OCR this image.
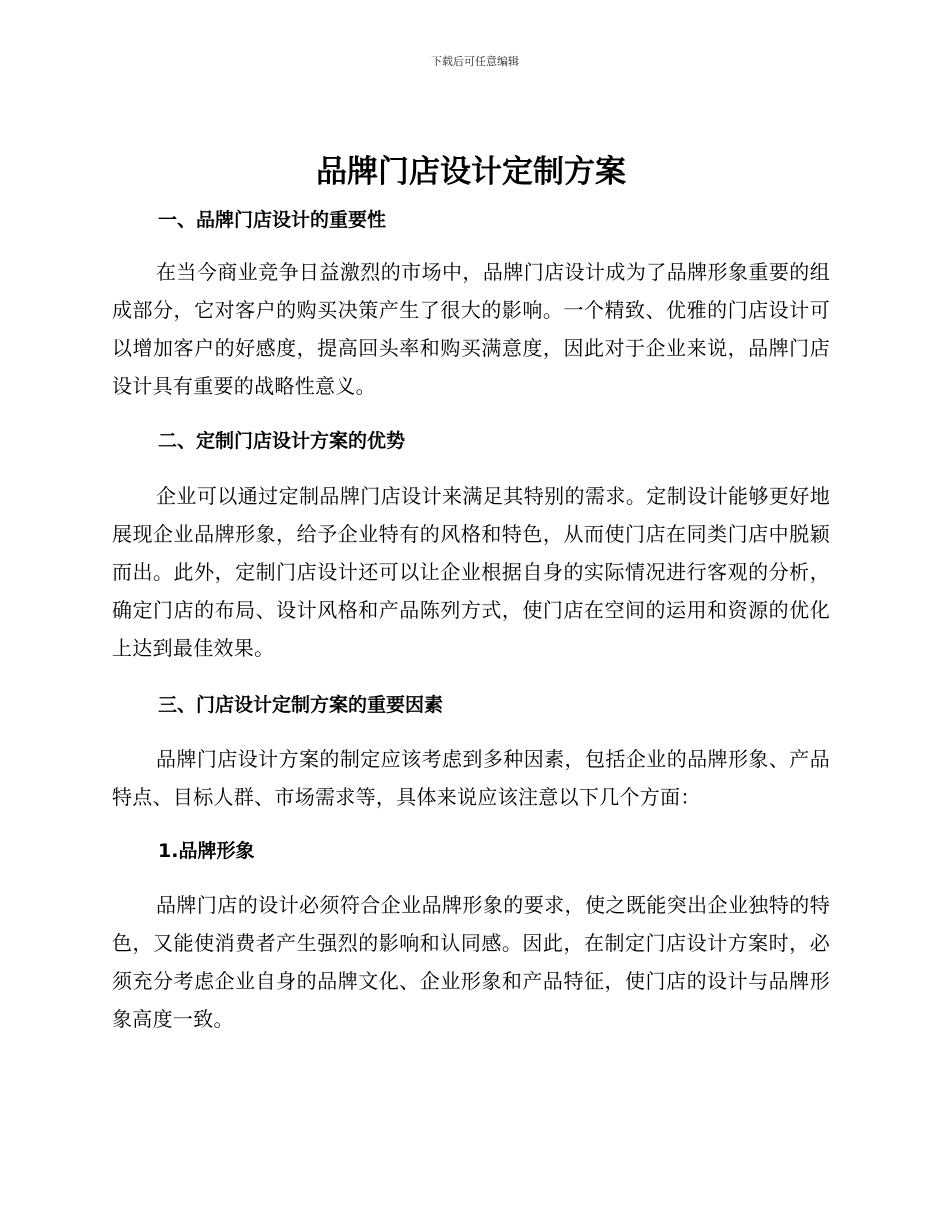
下载后可任意编辑
品牌门店设计定制方案
一、品牌门店设计的重要性

在当今商业竞争日益激烈的市场中，品牌门店设计成为了品牌形象重要的组成部分，它对客户的购买决策产生了很大的影响。一个精致、优雅的门店设计可以增加客户的好感度，提高回头率和购买满意度，因此对于企业来说，品牌门店设计具有重要的战略性意义。

二、定制门店设计方案的优势

企业可以通过定制品牌门店设计来满足其特别的需求。定制设计能够更好地展现企业品牌形象，给予企业特有的风格和特色，从而使门店在同类门店中脱颖而出。此外，定制门店设计还可以让企业根据自身的实际情况进行客观的分析，确定门店的布局、设计风格和产品陈列方式，使门店在空间的运用和资源的优化上达到最佳效果。

三、门店设计定制方案的重要因素

品牌门店设计方案的制定应该考虑到多种因素，包括企业的品牌形象、产品特点、目标人群、市场需求等，具体来说应该注意以下几个方面：

1.品牌形象

品牌门店的设计必须符合企业品牌形象的要求，使之既能突出企业独特的特色，又能使消费者产生强烈的影响和认同感。因此，在制定门店设计方案时，必须充分考虑企业自身的品牌文化、企业形象和产品特征，使门店的设计与品牌形象高度一致。
